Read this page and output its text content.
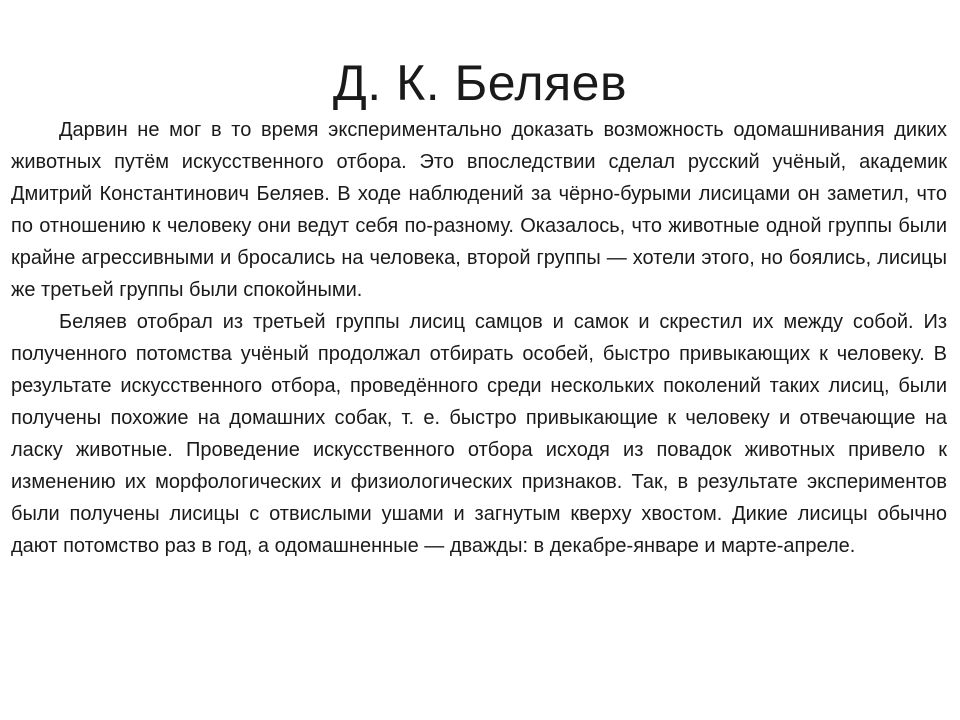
Д. К. Беляев

Дарвин не мог в то время экспериментально доказать возможность одомашнивания диких животных путём искусственного отбора. Это впоследствии сделал русский учёный, академик Дмитрий Константинович Беляев. В ходе наблюдений за чёрно-бурыми лисицами он заметил, что по отношению к человеку они ведут себя по-разному. Оказалось, что животные одной группы были крайне агрессивными и бросались на человека, второй группы — хотели этого, но боялись, лисицы же третьей группы были спокойными.

Беляев отобрал из третьей группы лисиц самцов и самок и скрестил их между собой. Из полученного потомства учёный продолжал отбирать особей, быстро привыкающих к человеку. В результате искусственного отбора, проведённого среди нескольких поколений таких лисиц, были получены похожие на домашних собак, т. е. быстро привыкающие к человеку и отвечающие на ласку животные. Проведение искусственного отбора исходя из повадок животных привело к изменению их морфологических и физиологических признаков. Так, в результате экспериментов были получены лисицы с отвислыми ушами и загнутым кверху хвостом. Дикие лисицы обычно дают потомство раз в год, а одомашненные — дважды: в декабре-январе и марте-апреле.
